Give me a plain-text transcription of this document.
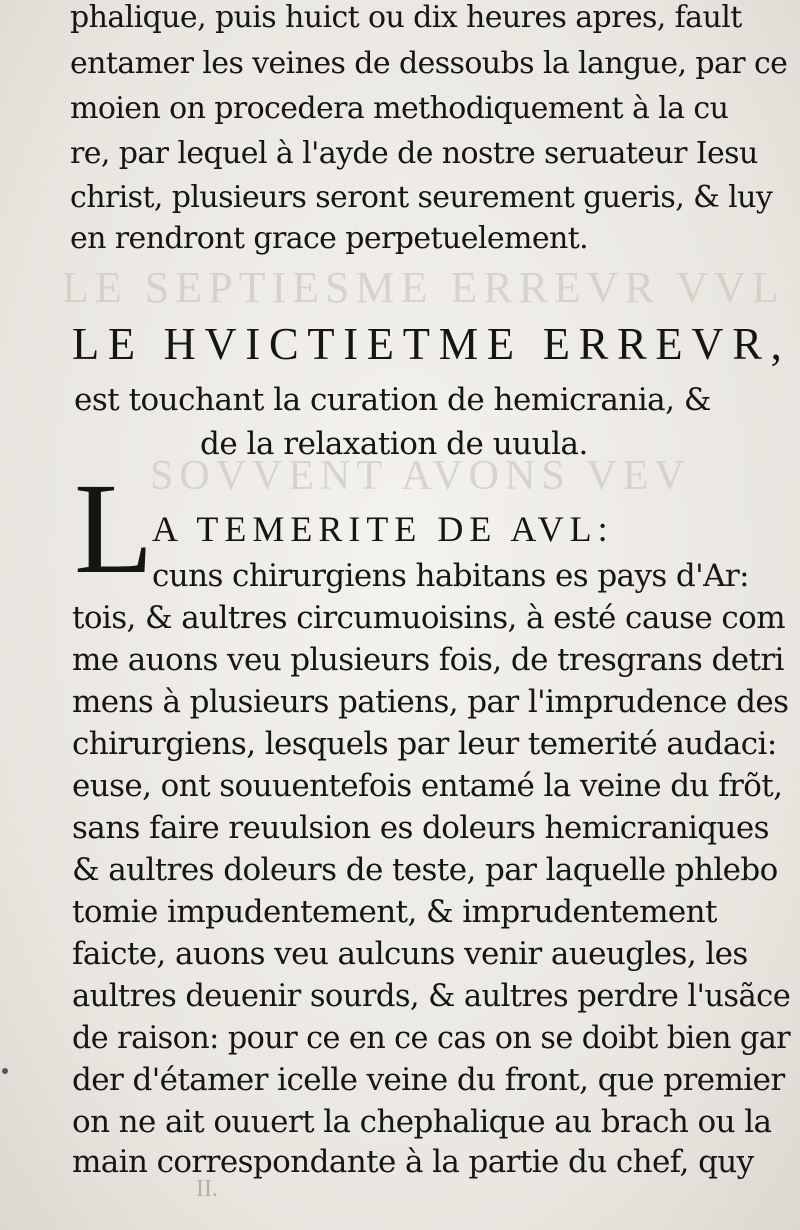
LE SEPTIESME ERREVR VVL
SOVVENT AVONS VEV
phalique, puis huict ou dix heures apres, fault
entamer les veines de dessoubs la langue, par ce
moien on procedera methodiquement à la cu
re, par lequel à l'ayde de nostre seruateur Iesu
christ, plusieurs seront seurement gueris, & luy
en rendront grace perpetuelement.
LE HVICTIETME ERREVR,
est touchant la curation de hemicrania, &
de la relaxation de uuula.
L
A TEMERITE DE AVL:
cuns chirurgiens habitans es pays d'Ar:
tois, & aultres circumuoisins, à esté cause com
me auons veu plusieurs fois, de tresgrans detri
mens à plusieurs patiens, par l'imprudence des
chirurgiens, lesquels par leur temerité audaci:
euse, ont souuentefois entamé la veine du frõt,
sans faire reuulsion es doleurs hemicraniques
& aultres doleurs de teste, par laquelle phlebo
tomie impudentement, & imprudentement
faicte, auons veu aulcuns venir aueugles, les
aultres deuenir sourds, & aultres perdre l'usãce
de raison: pour ce en ce cas on se doibt bien gar
der d'étamer icelle veine du front, que premier
on ne ait ouuert la chephalique au brach ou la
main correspondante à la partie du chef, quy
II.
